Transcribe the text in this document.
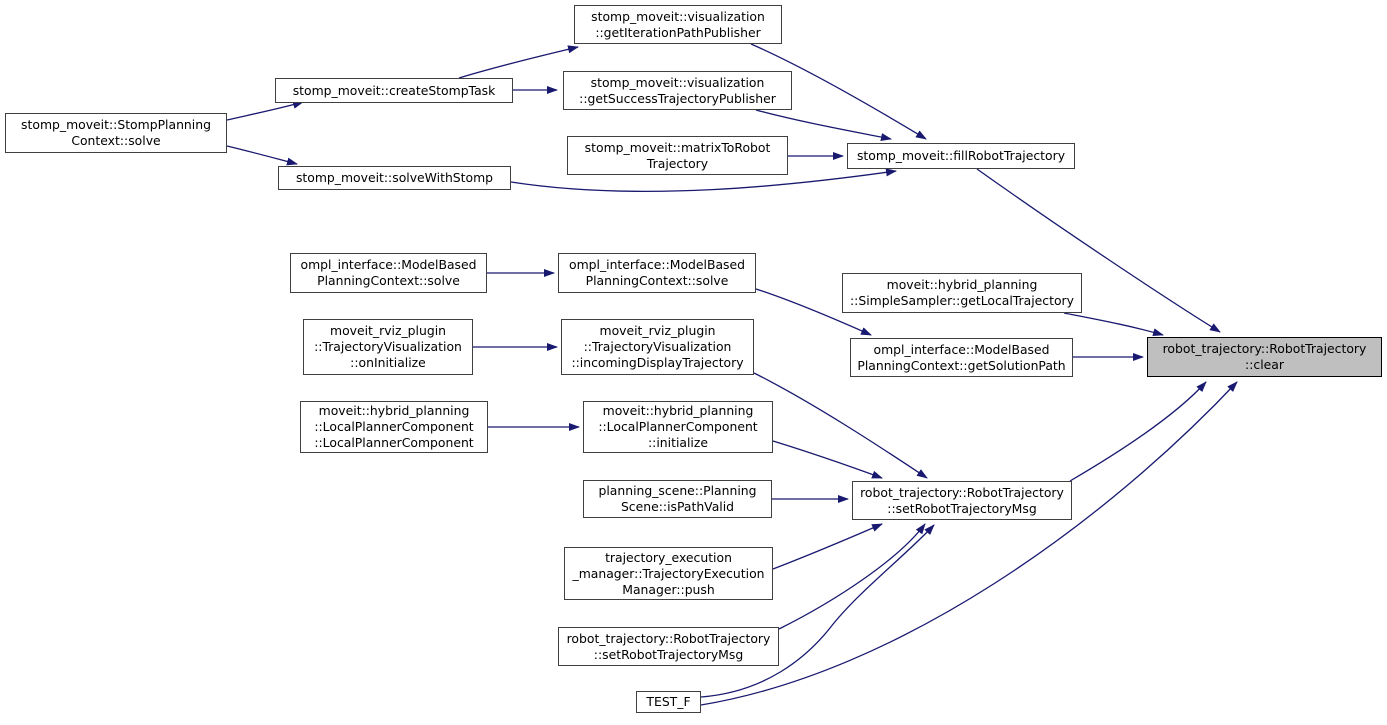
stomp_moveit::StompPlanning
Context::solve
stomp_moveit::createStompTask
stomp_moveit::solveWithStomp
stomp_moveit::visualization
::getIterationPathPublisher
stomp_moveit::visualization
::getSuccessTrajectoryPublisher
stomp_moveit::matrixToRobot
Trajectory	stomp_moveit::fillRobotTrajectory
ompl_interface::ModelBased
PlanningContext::solve
ompl_interface::ModelBased
PlanningContext::solve
moveit_rviz_plugin
::TrajectoryVisualization
::onInitialize
moveit_rviz_plugin
::TrajectoryVisualization
::incomingDisplayTrajectory
moveit::hybrid_planning
::LocalPlannerComponent
::LocalPlannerComponent
moveit::hybrid_planning
::LocalPlannerComponent
::initialize
planning_scene::Planning
Scene::isPathValid
trajectory_execution
_manager::TrajectoryExecution
Manager::push
robot_trajectory::RobotTrajectory
::setRobotTrajectoryMsg
TEST_F
moveit::hybrid_planning
::SimpleSampler::getLocalTrajectory
ompl_interface::ModelBased
PlanningContext::getSolutionPath
robot_trajectory::RobotTrajectory
::setRobotTrajectoryMsg
robot_trajectory::RobotTrajectory
::clear
